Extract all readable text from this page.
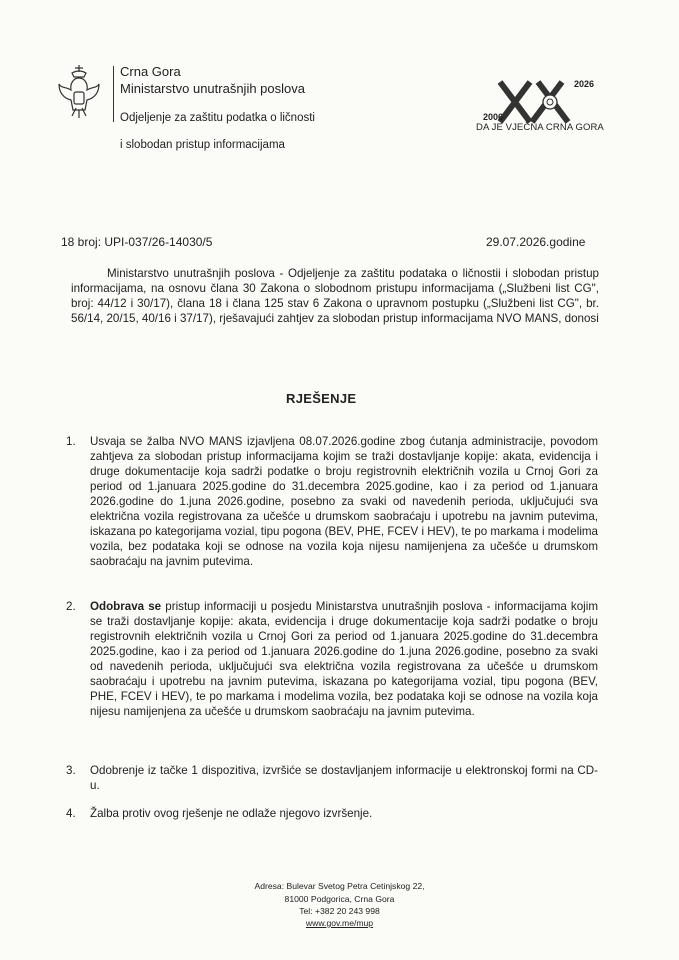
Crna Gora
Ministarstvo unutrašnjih poslova
Odjeljenje za zaštitu podatka o ličnosti
i slobodan pristup informacijama
2026
2006
DA JE VJEČNA CRNA GORA
18 broj: UPI-037/26-14030/5	29.07.2026.godine
Ministarstvo unutrašnjih poslova - Odjeljenje za zaštitu podataka o ličnostii i slobodan pristup informacijama, na osnovu člana 30 Zakona o slobodnom pristupu informacijama („Službeni list CG", broj: 44/12 i 30/17), člana 18 i člana 125 stav 6 Zakona o upravnom postupku („Službeni list CG", br. 56/14, 20/15, 40/16 i 37/17), rješavajući zahtjev za slobodan pristup informacijama NVO MANS, donosi
RJEŠENJE
1. Usvaja se žalba NVO MANS izjavljena 08.07.2026.godine zbog ćutanja administracije, povodom zahtjeva za slobodan pristup informacijama kojim se traži dostavljanje kopije: akata, evidencija i druge dokumentacije koja sadrži podatke o broju registrovnih električnih vozila u Crnoj Gori za period od 1.januara 2025.godine do 31.decembra 2025.godine, kao i za period od 1.januara 2026.godine do 1.juna 2026.godine, posebno za svaki od navedenih perioda, uključujući sva električna vozila registrovana za učešće u drumskom saobraćaju i upotrebu na javnim putevima, iskazana po kategorijama vozial, tipu pogona (BEV, PHE, FCEV i HEV), te po markama i modelima vozila, bez podataka koji se odnose na vozila koja nijesu namijenjena za učešće u drumskom saobraćaju na javnim putevima.
2. Odobrava se pristup informaciji u posjedu Ministarstva unutrašnjih poslova - informacijama kojim se traži dostavljanje kopije: akata, evidencija i druge dokumentacije koja sadrži podatke o broju registrovnih električnih vozila u Crnoj Gori za period od 1.januara 2025.godine do 31.decembra 2025.godine, kao i za period od 1.januara 2026.godine do 1.juna 2026.godine, posebno za svaki od navedenih perioda, uključujući sva električna vozila registrovana za učešće u drumskom saobraćaju i upotrebu na javnim putevima, iskazana po kategorijama vozial, tipu pogona (BEV, PHE, FCEV i HEV), te po markama i modelima vozila, bez podataka koji se odnose na vozila koja nijesu namijenjena za učešće u drumskom saobraćaju na javnim putevima.
3. Odobrenje iz tačke 1 dispozitiva, izvršiće se dostavljanjem informacije u elektronskoj formi na CD-u.
4. Žalba protiv ovog rješenje ne odlaže njegovo izvršenje.
Adresa: Bulevar Svetog Petra Cetinjskog 22,
81000 Podgorica, Crna Gora
Tel: +382 20 243 998
www.gov.me/mup
